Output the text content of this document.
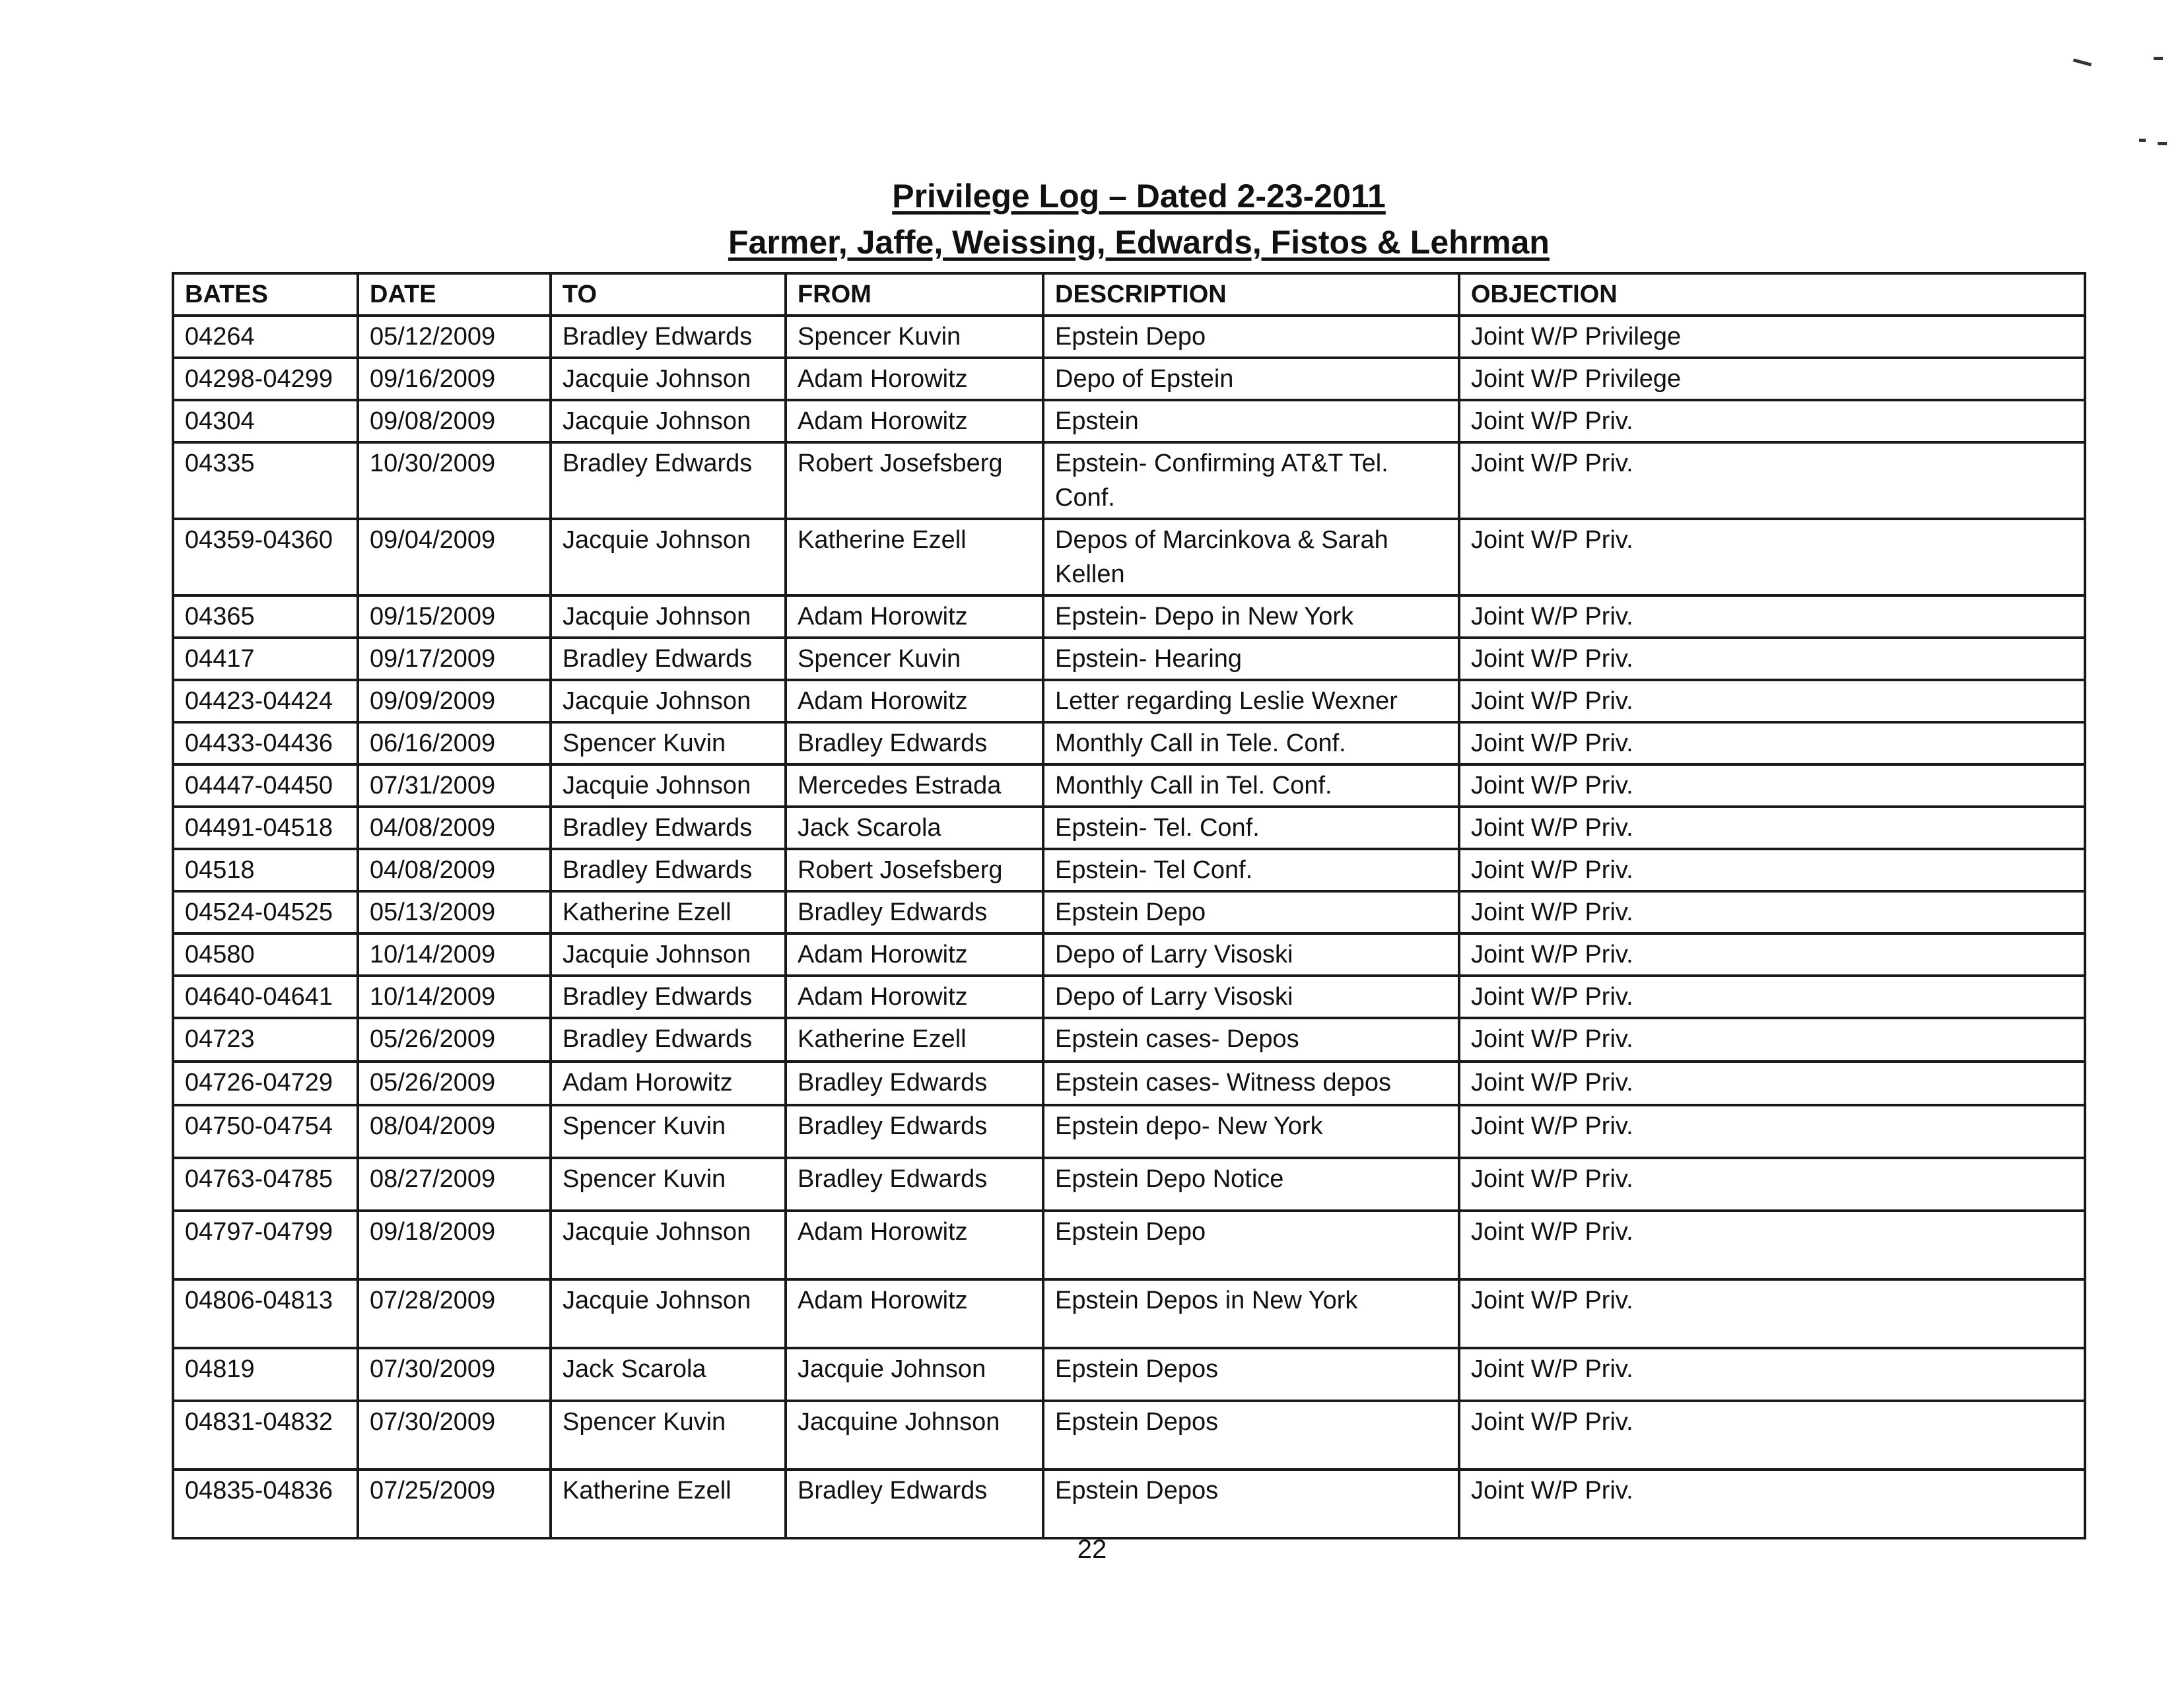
Privilege Log – Dated 2-23-2011
Farmer, Jaffe, Weissing, Edwards, Fistos & Lehrman
BATES	DATE	TO	FROM	DESCRIPTION	OBJECTION
04264	05/12/2009	Bradley Edwards	Spencer Kuvin	Epstein Depo	Joint W/P Privilege
04298-04299	09/16/2009	Jacquie Johnson	Adam Horowitz	Depo of Epstein	Joint W/P Privilege
04304	09/08/2009	Jacquie Johnson	Adam Horowitz	Epstein	Joint W/P Priv.
04335	10/30/2009	Bradley Edwards	Robert Josefsberg	Epstein- Confirming AT&T Tel. Conf.	Joint W/P Priv.
04359-04360	09/04/2009	Jacquie Johnson	Katherine Ezell	Depos of Marcinkova & Sarah Kellen	Joint W/P Priv.
04365	09/15/2009	Jacquie Johnson	Adam Horowitz	Epstein- Depo in New York	Joint W/P Priv.
04417	09/17/2009	Bradley Edwards	Spencer Kuvin	Epstein- Hearing	Joint W/P Priv.
04423-04424	09/09/2009	Jacquie Johnson	Adam Horowitz	Letter regarding Leslie Wexner	Joint W/P Priv.
04433-04436	06/16/2009	Spencer Kuvin	Bradley Edwards	Monthly Call in Tele. Conf.	Joint W/P Priv.
04447-04450	07/31/2009	Jacquie Johnson	Mercedes Estrada	Monthly Call in Tel. Conf.	Joint W/P Priv.
04491-04518	04/08/2009	Bradley Edwards	Jack Scarola	Epstein- Tel. Conf.	Joint W/P Priv.
04518	04/08/2009	Bradley Edwards	Robert Josefsberg	Epstein- Tel Conf.	Joint W/P Priv.
04524-04525	05/13/2009	Katherine Ezell	Bradley Edwards	Epstein Depo	Joint W/P Priv.
04580	10/14/2009	Jacquie Johnson	Adam Horowitz	Depo of Larry Visoski	Joint W/P Priv.
04640-04641	10/14/2009	Bradley Edwards	Adam Horowitz	Depo of Larry Visoski	Joint W/P Priv.
04723	05/26/2009	Bradley Edwards	Katherine Ezell	Epstein cases- Depos	Joint W/P Priv.
04726-04729	05/26/2009	Adam Horowitz	Bradley Edwards	Epstein cases- Witness depos	Joint W/P Priv.
04750-04754	08/04/2009	Spencer Kuvin	Bradley Edwards	Epstein depo- New York	Joint W/P Priv.
04763-04785	08/27/2009	Spencer Kuvin	Bradley Edwards	Epstein Depo Notice	Joint W/P Priv.
04797-04799	09/18/2009	Jacquie Johnson	Adam Horowitz	Epstein Depo	Joint W/P Priv.
04806-04813	07/28/2009	Jacquie Johnson	Adam Horowitz	Epstein Depos in New York	Joint W/P Priv.
04819	07/30/2009	Jack Scarola	Jacquie Johnson	Epstein Depos	Joint W/P Priv.
04831-04832	07/30/2009	Spencer Kuvin	Jacquine Johnson	Epstein Depos	Joint W/P Priv.
04835-04836	07/25/2009	Katherine Ezell	Bradley Edwards	Epstein Depos	Joint W/P Priv.
22
